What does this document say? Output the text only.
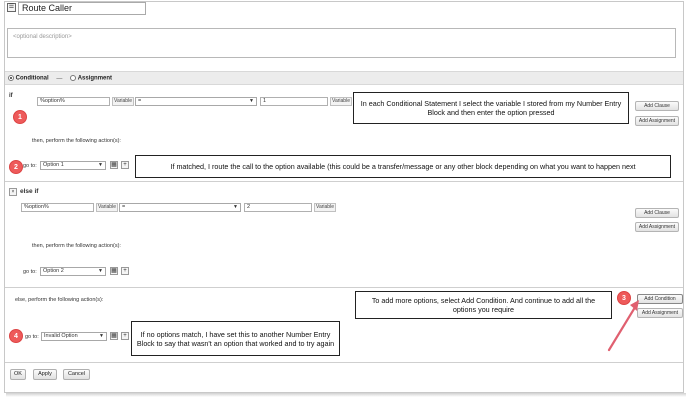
☰ Route Caller
<optional description>
Conditional —	Assignment
if
%option%	Variable	=	▼	1	Variable
Add Clause
Add Assignment
then, perform the following action(s):
go to:	Option 1	▼ ▦	+
× else if
%option%	Variable	=	▼	2	Variable
Add Clause
Add Assignment
then, perform the following action(s):
go to:	Option 2	▼ ▦	+
else, perform the following action(s):	Add Condition
Add Assignment
go to: Invalid Option	▼ ▦	+
OK	Apply	Cancel
In each Conditional Statement I select the variable I stored from my Number Entry Block and then enter the option pressed
If matched, I route the call to the option available (this could be a transfer/message or any other block depending on what you want to happen next
To add more options, select Add Condition. And continue to add all the options you require
If no options match, I have set this to another Number Entry Block to say that wasn't an option that worked and to try again
1
2
3
4
